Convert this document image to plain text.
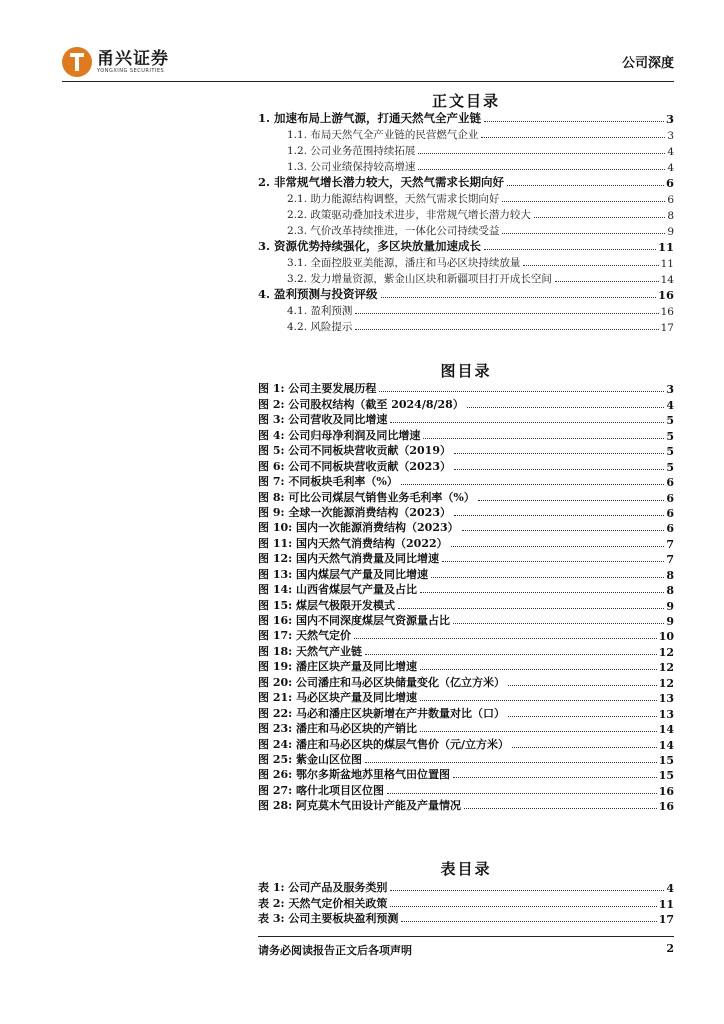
甬兴证券
YONGXING SECURITIES	公司深度
正文目录
1. 加速布局上游气源，打通天然气全产业链	3
1.1. 布局天然气全产业链的民营燃气企业	3
1.2. 公司业务范围持续拓展	4
1.3. 公司业绩保持较高增速	4
2. 非常规气增长潜力较大，天然气需求长期向好	6
2.1. 助力能源结构调整，天然气需求长期向好	6
2.2. 政策驱动叠加技术进步，非常规气增长潜力较大	8
2.3. 气价改革持续推进，一体化公司持续受益	9
3. 资源优势持续强化，多区块放量加速成长	11
3.1. 全面控股亚美能源，潘庄和马必区块持续放量	11
3.2. 发力增量资源，紫金山区块和新疆项目打开成长空间	14
4. 盈利预测与投资评级	16
4.1. 盈利预测	16
4.2. 风险提示	17
图目录
图 1: 公司主要发展历程	3
图 2: 公司股权结构（截至 2024/8/28）	4
图 3: 公司营收及同比增速	5
图 4: 公司归母净利润及同比增速	5
图 5: 公司不同板块营收贡献（2019）	5
图 6: 公司不同板块营收贡献（2023）	5
图 7: 不同板块毛利率（%）	6
图 8: 可比公司煤层气销售业务毛利率（%）	6
图 9: 全球一次能源消费结构（2023）	6
图 10: 国内一次能源消费结构（2023）	6
图 11: 国内天然气消费结构（2022）	7
图 12: 国内天然气消费量及同比增速	7
图 13: 国内煤层气产量及同比增速	8
图 14: 山西省煤层气产量及占比	8
图 15: 煤层气极限开发模式	9
图 16: 国内不同深度煤层气资源量占比	9
图 17: 天然气定价	10
图 18: 天然气产业链	12
图 19: 潘庄区块产量及同比增速	12
图 20: 公司潘庄和马必区块储量变化（亿立方米）	12
图 21: 马必区块产量及同比增速	13
图 22: 马必和潘庄区块新增在产井数量对比（口）	13
图 23: 潘庄和马必区块的产销比	14
图 24: 潘庄和马必区块的煤层气售价（元/立方米）	14
图 25: 紫金山区位图	15
图 26: 鄂尔多斯盆地苏里格气田位置图	15
图 27: 喀什北项目区位图	16
图 28: 阿克莫木气田设计产能及产量情况	16
表目录
表 1: 公司产品及服务类别	4
表 2: 天然气定价相关政策	11
表 3: 公司主要板块盈利预测	17
请务必阅读报告正文后各项声明	2
